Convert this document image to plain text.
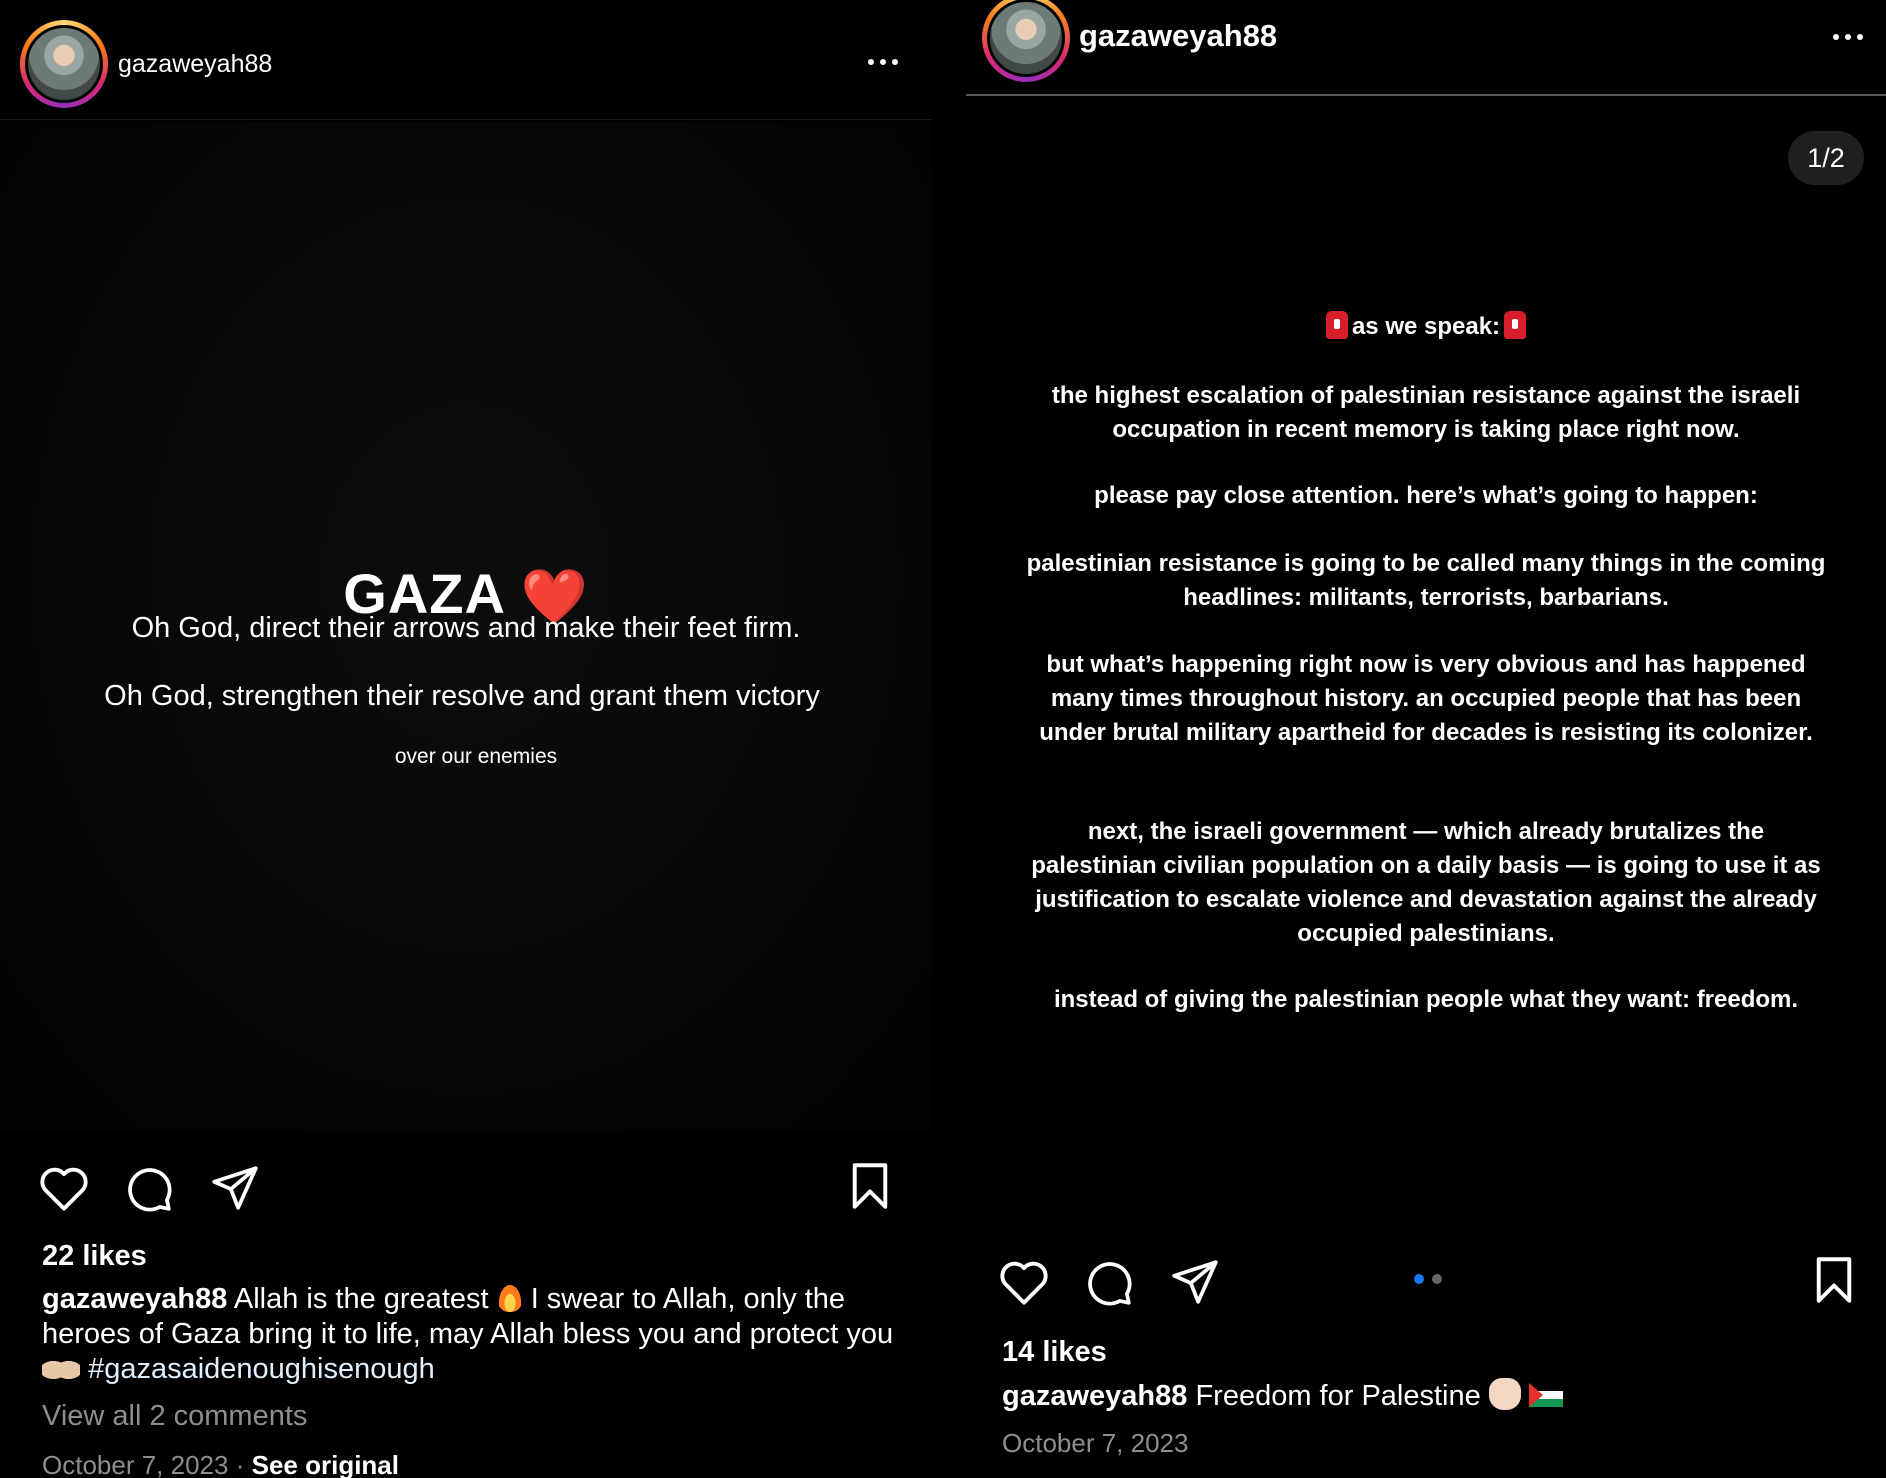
gazaweyah88
GAZA ❤️
Oh God, direct their arrows and make their feet firm.
Oh God, strengthen their resolve and grant them victory
over our enemies
22 likes
gazaweyah88 Allah is the greatest I swear to Allah, only the heroes of Gaza bring it to life, may Allah bless you and protect you  #gazasaidenoughisenough
View all 2 comments
October 7, 2023 · See original
gazaweyah88
1/2
as we speak:
the highest escalation of palestinian resistance against the israeli occupation in recent memory is taking place right now.
please pay close attention. here’s what’s going to happen:
palestinian resistance is going to be called many things in the coming headlines: militants, terrorists, barbarians.
but what’s happening right now is very obvious and has happened many times throughout history. an occupied people that has been under brutal military apartheid for decades is resisting its colonizer.
next, the israeli government — which already brutalizes the palestinian civilian population on a daily basis — is going to use it as justification to escalate violence and devastation against the already occupied palestinians.
instead of giving the palestinian people what they want: freedom.
14 likes
gazaweyah88 Freedom for Palestine
October 7, 2023
